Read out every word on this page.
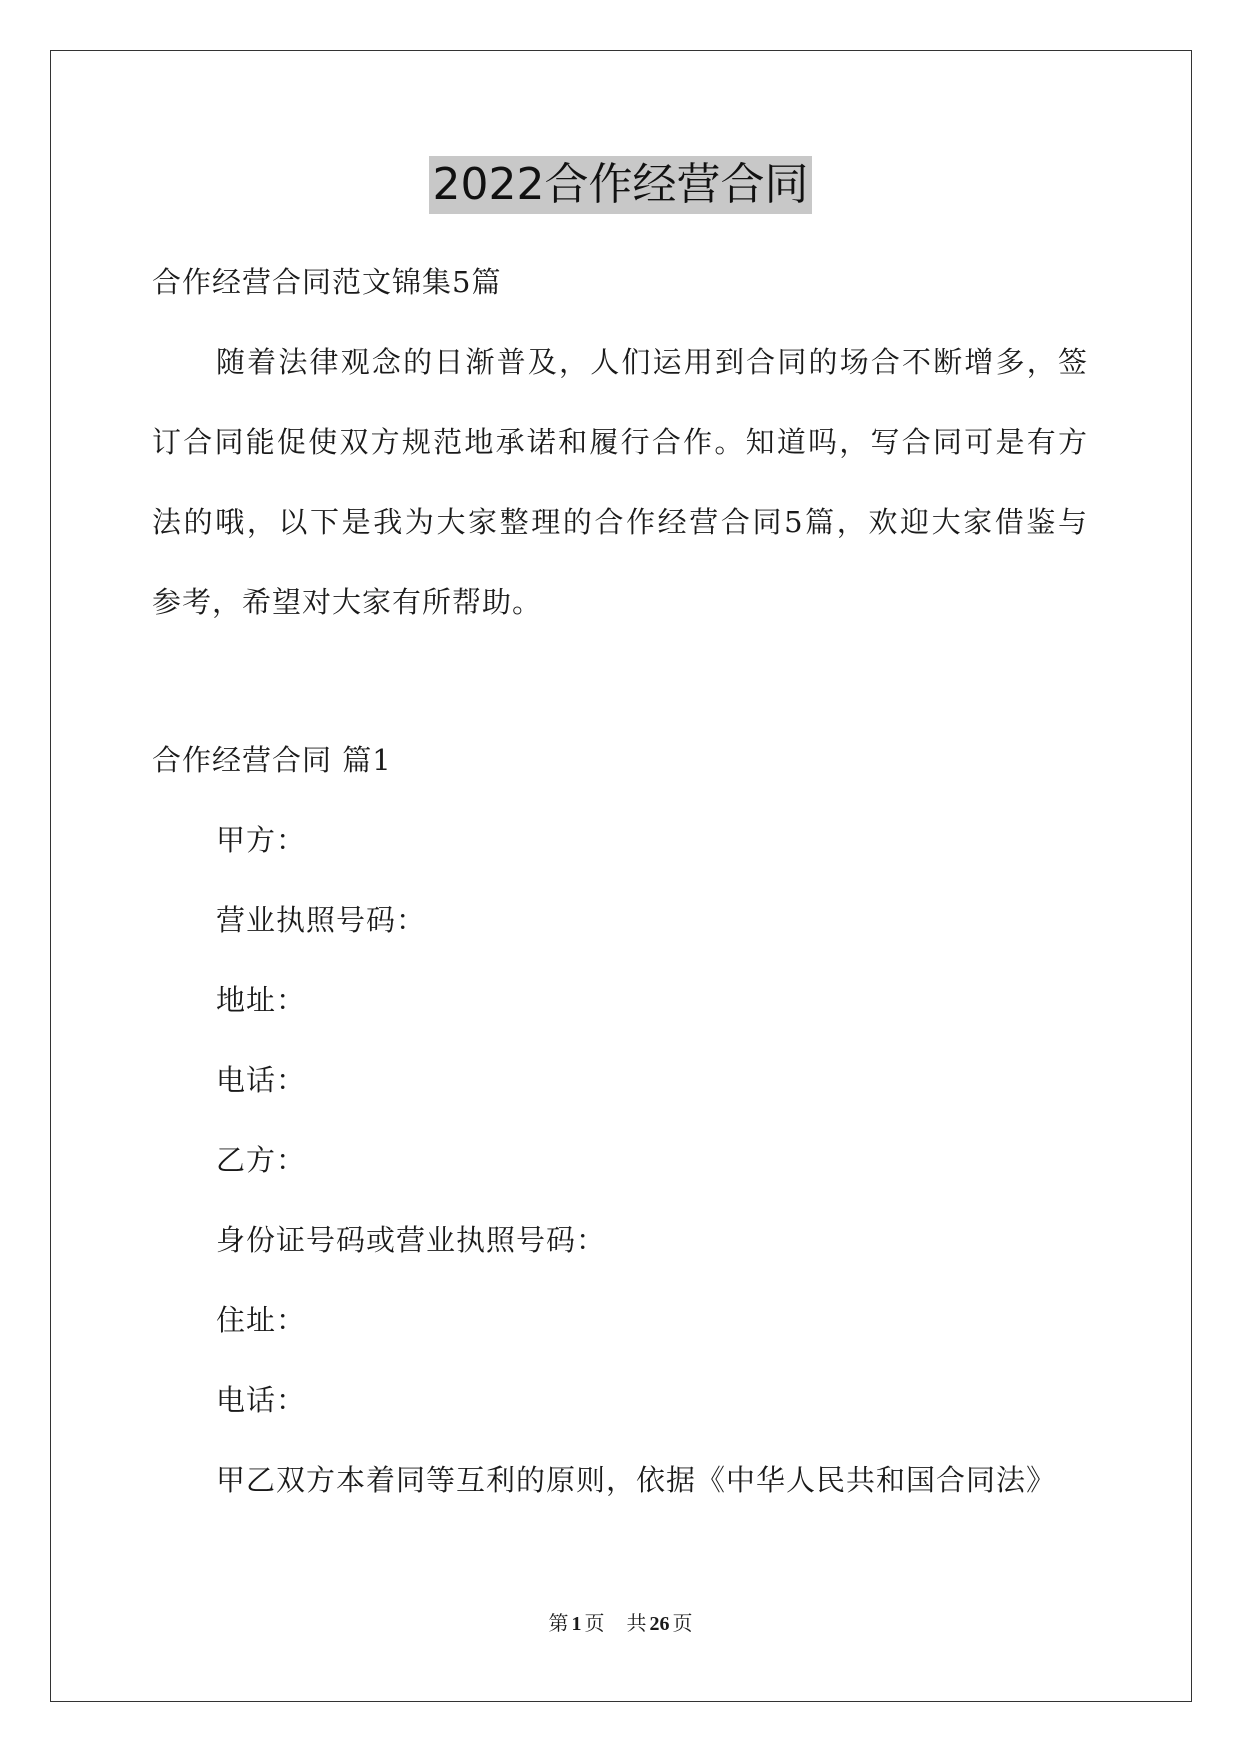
2022合作经营合同
合作经营合同范文锦集5篇
随着法律观念的日渐普及，人们运用到合同的场合不断增多，签
订合同能促使双方规范地承诺和履行合作。知道吗，写合同可是有方
法的哦，以下是我为大家整理的合作经营合同5篇，欢迎大家借鉴与
参考，希望对大家有所帮助。
合作经营合同 篇1
甲方：
营业执照号码：
地址：
电话：
乙方：
身份证号码或营业执照号码：
住址：
电话：
甲乙双方本着同等互利的原则，依据《中华人民共和国合同法》
第 1 页 共 26 页
